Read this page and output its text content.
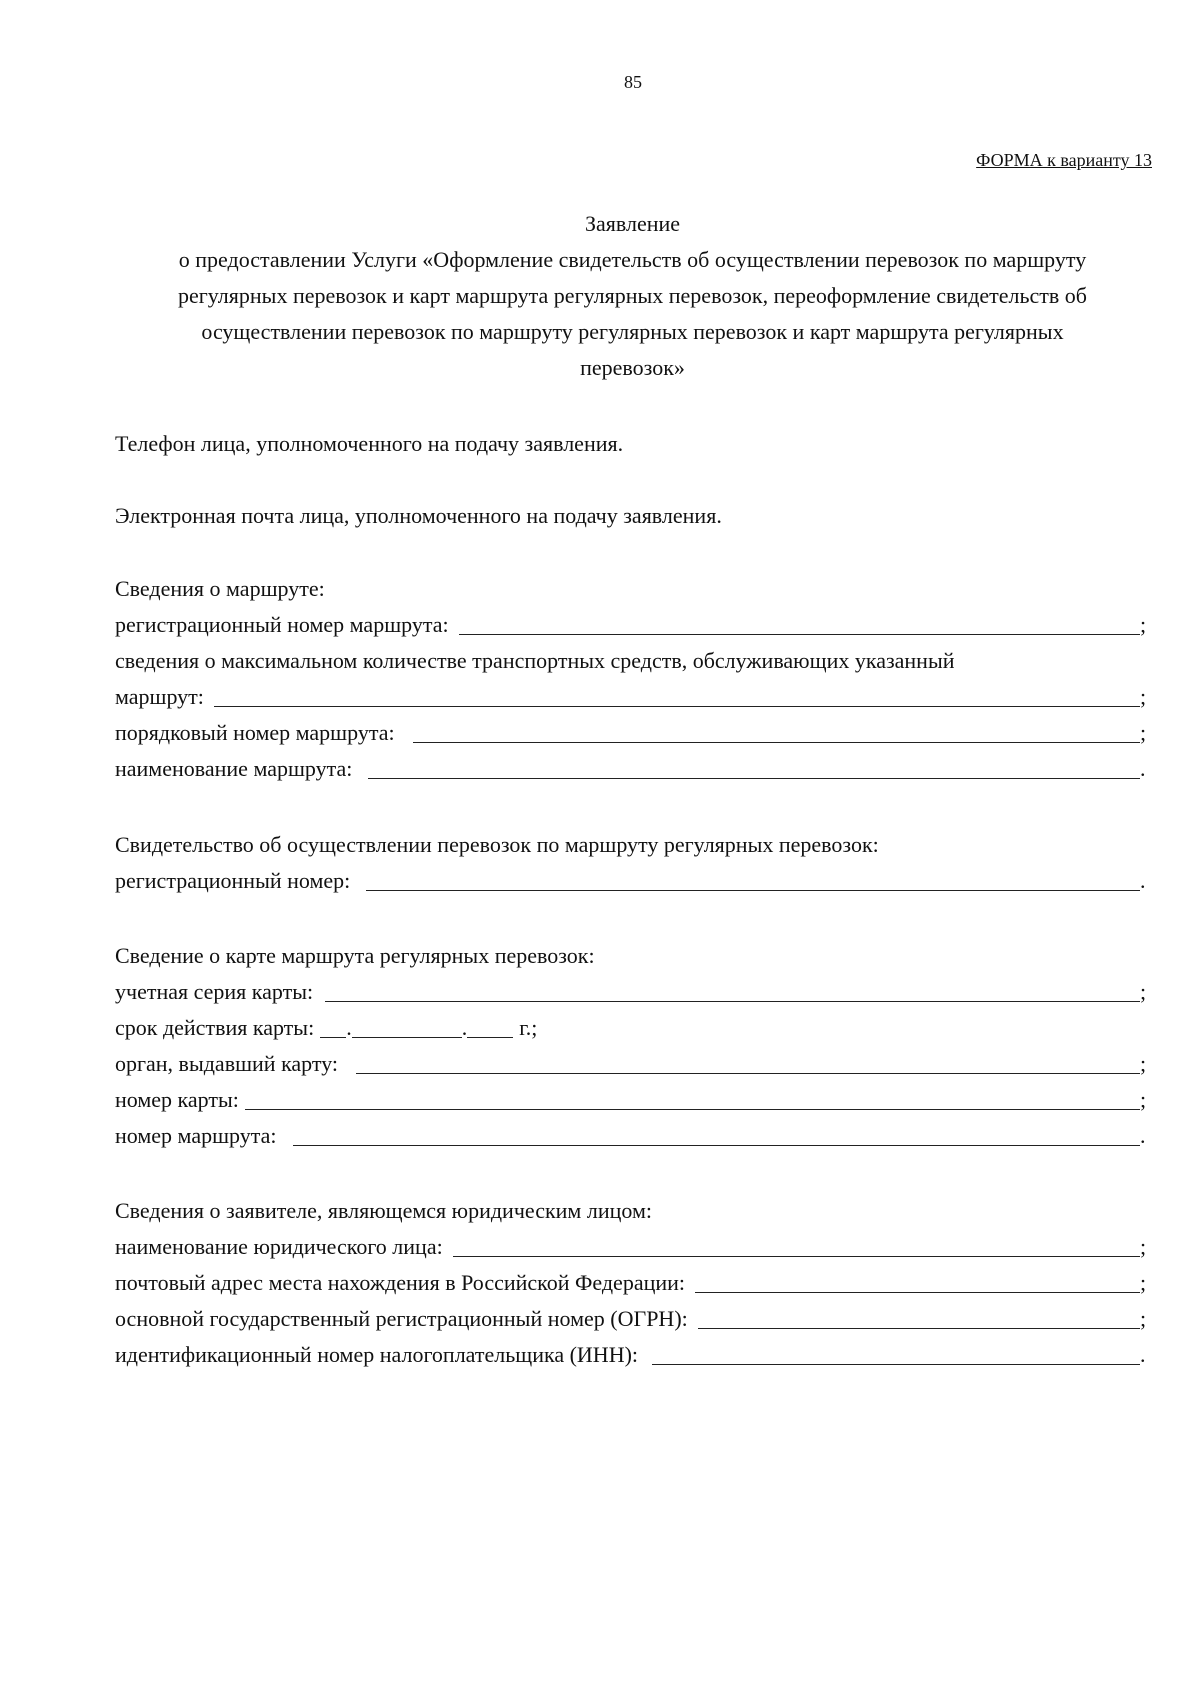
85
ФОРМА к варианту 13
Заявление
о предоставлении Услуги «Оформление свидетельств об осуществлении перевозок по маршруту
регулярных перевозок и карт маршрута регулярных перевозок, переоформление свидетельств об
осуществлении перевозок по маршруту регулярных перевозок и карт маршрута регулярных
перевозок»
Телефон лица, уполномоченного на подачу заявления.
Электронная почта лица, уполномоченного на подачу заявления.
Сведения о маршруте:
регистрационный номер маршрута:	;
сведения о максимальном количестве транспортных средств, обслуживающих указанный
маршрут:	;
порядковый номер маршрута:	;
наименование маршрута:	.
Свидетельство об осуществлении перевозок по маршруту регулярных перевозок:
регистрационный номер:	.
Сведение о карте маршрута регулярных перевозок:
учетная серия карты:	;
срок действия карты: .	. г.;
орган, выдавший карту:	;
номер карты:	;
номер маршрута:	.
Сведения о заявителе, являющемся юридическим лицом:
наименование юридического лица:	;
почтовый адрес места нахождения в Российской Федерации:	;
основной государственный регистрационный номер (ОГРН):	;
идентификационный номер налогоплательщика (ИНН):	.
